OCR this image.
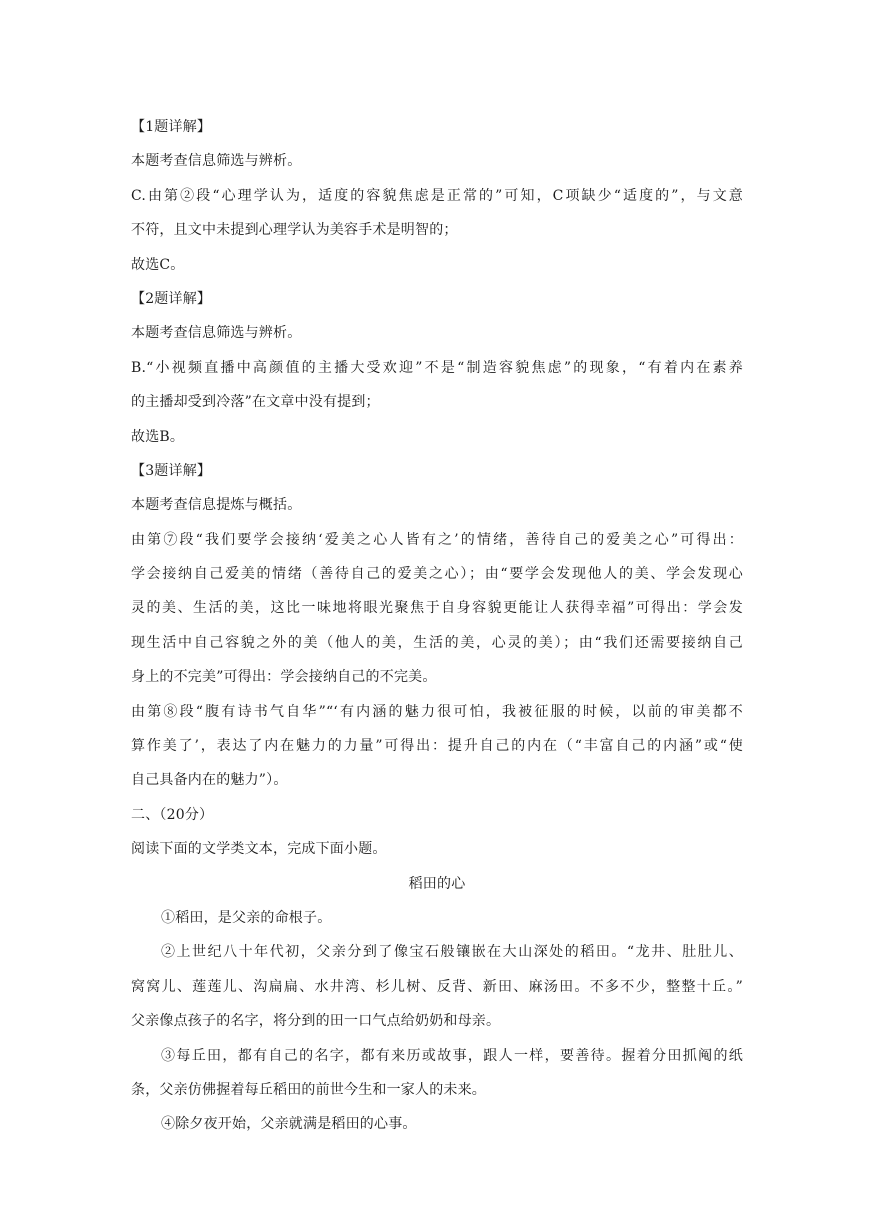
【1题详解】
本题考查信息筛选与辨析。
C.由第②段“心理学认为，适度的容貌焦虑是正常的”可知，C项缺少“适度的”，与文意
不符，且文中未提到心理学认为美容手术是明智的；
故选C。
【2题详解】
本题考查信息筛选与辨析。
B.“小视频直播中高颜值的主播大受欢迎”不是“制造容貌焦虑”的现象，“有着内在素养
的主播却受到冷落”在文章中没有提到；
故选B。
【3题详解】
本题考查信息提炼与概括。
由第⑦段“我们要学会接纳‘爱美之心人皆有之’的情绪，善待自己的爱美之心”可得出：
学会接纳自己爱美的情绪（善待自己的爱美之心）；由“要学会发现他人的美、学会发现心
灵的美、生活的美，这比一味地将眼光聚焦于自身容貌更能让人获得幸福”可得出：学会发
现生活中自己容貌之外的美（他人的美，生活的美，心灵的美）；由“我们还需要接纳自己
身上的不完美”可得出：学会接纳自己的不完美。
由第⑧段“腹有诗书气自华”“‘有内涵的魅力很可怕，我被征服的时候，以前的审美都不
算作美了’，表达了内在魅力的力量”可得出：提升自己的内在（“丰富自己的内涵”或“使
自己具备内在的魅力”）。
二、（20分）
阅读下面的文学类文本，完成下面小题。
稻田的心
①稻田，是父亲的命根子。
②上世纪八十年代初，父亲分到了像宝石般镶嵌在大山深处的稻田。“龙井、肚肚儿、
窝窝儿、莲莲儿、沟扁扁、水井湾、杉儿树、反背、新田、麻汤田。不多不少，整整十丘。”
父亲像点孩子的名字，将分到的田一口气点给奶奶和母亲。
③每丘田，都有自己的名字，都有来历或故事，跟人一样，要善待。握着分田抓阄的纸
条，父亲仿佛握着每丘稻田的前世今生和一家人的未来。
④除夕夜开始，父亲就满是稻田的心事。
